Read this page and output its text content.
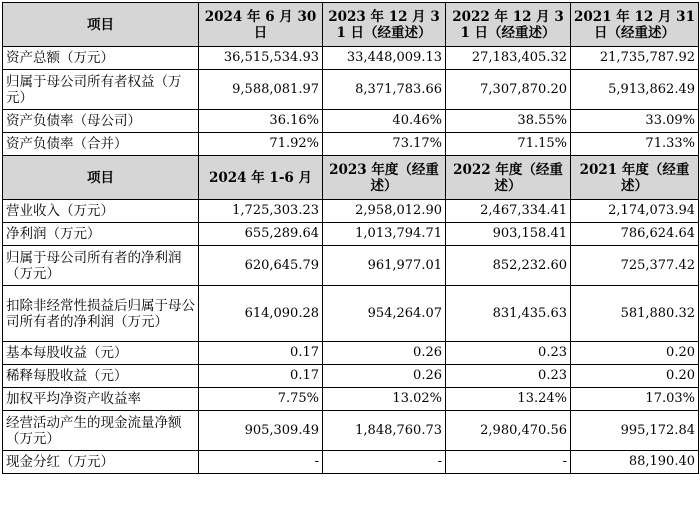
项目	2024 年 6 月 30 日	2023 年 12 月 31 日（经重述）	2022 年 12 月 31 日（经重述）	2021 年 12 月 31 日（经重述）
资产总额（万元）	36,515,534.93	33,448,009.13	27,183,405.32	21,735,787.92
归属于母公司所有者权益（万元）	9,588,081.97	8,371,783.66	7,307,870.20	5,913,862.49
资产负债率（母公司）	36.16%	40.46%	38.55%	33.09%
资产负债率（合并）	71.92%	73.17%	71.15%	71.33%
项目	2024 年 1-6 月	2023 年度（经重述）	2022 年度（经重述）	2021 年度（经重述）
营业收入（万元）	1,725,303.23	2,958,012.90	2,467,334.41	2,174,073.94
净利润（万元）	655,289.64	1,013,794.71	903,158.41	786,624.64
归属于母公司所有者的净利润（万元）	620,645.79	961,977.01	852,232.60	725,377.42
扣除非经常性损益后归属于母公司所有者的净利润（万元）	614,090.28	954,264.07	831,435.63	581,880.32
基本每股收益（元）	0.17	0.26	0.23	0.20
稀释每股收益（元）	0.17	0.26	0.23	0.20
加权平均净资产收益率	7.75%	13.02%	13.24%	17.03%
经营活动产生的现金流量净额（万元）	905,309.49	1,848,760.73	2,980,470.56	995,172.84
现金分红（万元）	-	-	-	88,190.40
